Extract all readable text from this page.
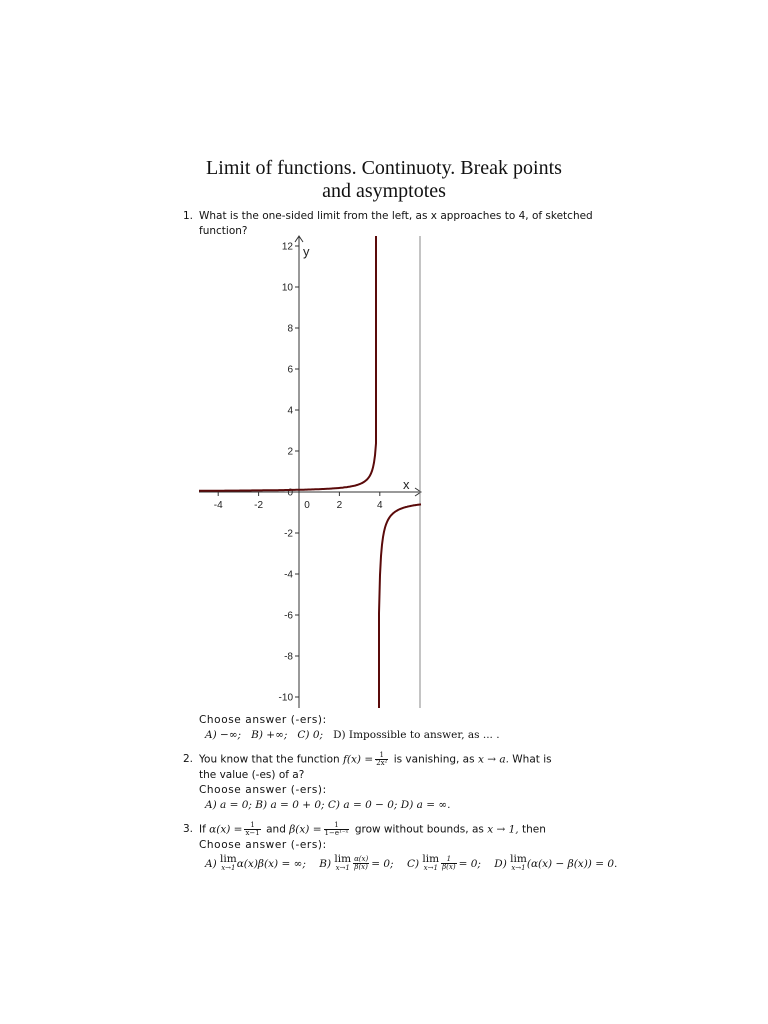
Limit of functions. Continuoty. Break points
and asymptotes
1. What is the one-sided limit from the left, as x approaches to 4, of sketched
function?
-4	-2	0	2	4
12
10
8
6
4
2
0
-2
-4
-6
-8
-10
x
y
Choose answer (-ers):
A) −∞; B) +∞; C) 0; D) Impossible to answer, as ... .
2. You know that the function $f(x) = \frac{1}{\text{2x²}}$ is vanishing, as x → a. What is
the value (-es) of a?
Choose answer (-ers):
A) a = 0; B) a = 0 + 0; C) a = 0 − 0; D) a = ∞.
3. If $\alpha(x) = \frac{1}{x-1}$ and $\beta(x) = \frac{1}{\text{1−e¹⁻ˣ}}$ grow without bounds, as x → 1, then
Choose answer (-ers):
A) lim
x→1 α(x)β(x) = ∞; B) lim
$x\to 1 \frac{\alpha(x)}{\beta(x)} = 0$; C) lim
$x\to 1 \frac{1}{\beta(x)} = 0$; D) lim
x→1 (α(x) − β(x)) = 0.
